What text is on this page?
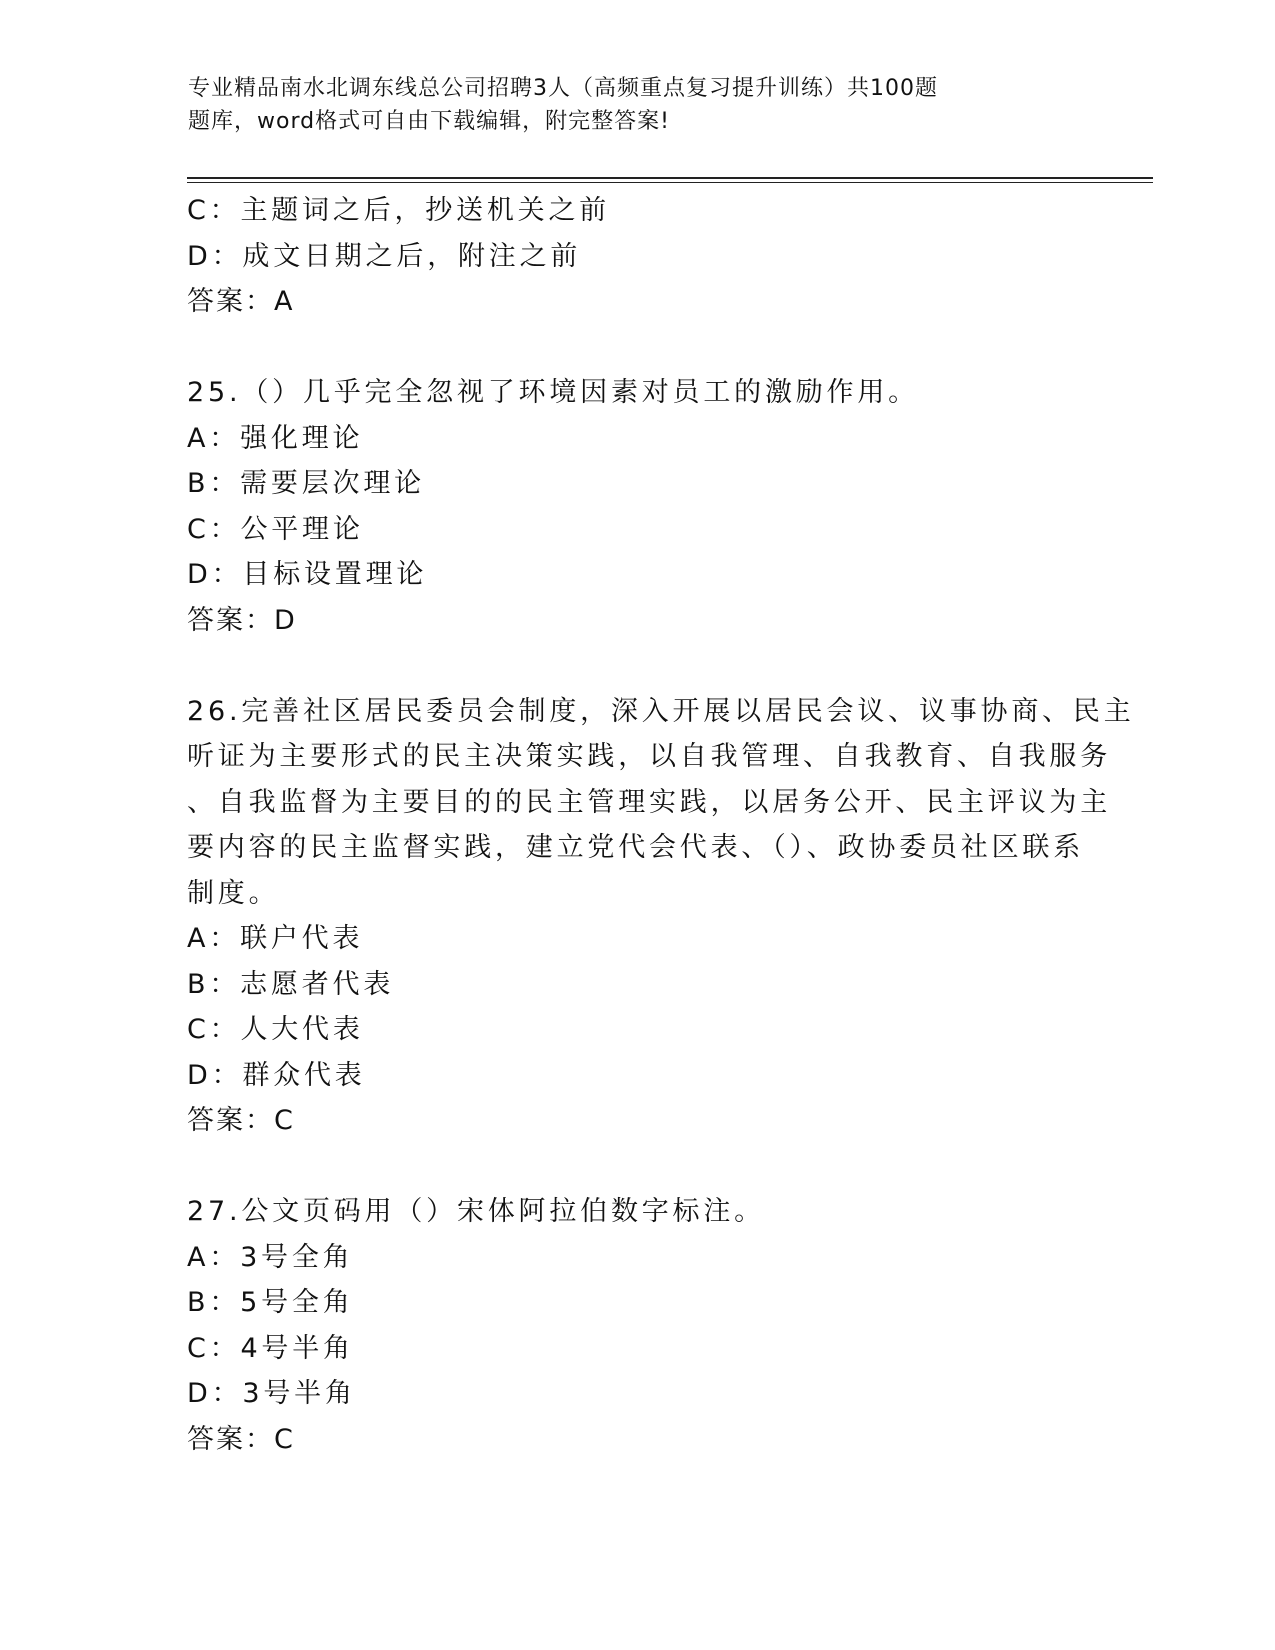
专业精品南水北调东线总公司招聘3人（高频重点复习提升训练）共100题
题库，word格式可自由下载编辑，附完整答案!
C：主题词之后，抄送机关之前
D：成文日期之后，附注之前
答案：A
25.（）几乎完全忽视了环境因素对员工的激励作用。
A：强化理论
B：需要层次理论
C：公平理论
D：目标设置理论
答案：D
26.完善社区居民委员会制度，深入开展以居民会议、议事协商、民主
听证为主要形式的民主决策实践，以自我管理、自我教育、自我服务
、自我监督为主要目的的民主管理实践，以居务公开、民主评议为主
要内容的民主监督实践，建立党代会代表、（）、政协委员社区联系
制度。
A：联户代表
B：志愿者代表
C：人大代表
D：群众代表
答案：C
27.公文页码用（）宋体阿拉伯数字标注。
A：3号全角
B：5号全角
C：4号半角
D：3号半角
答案：C
